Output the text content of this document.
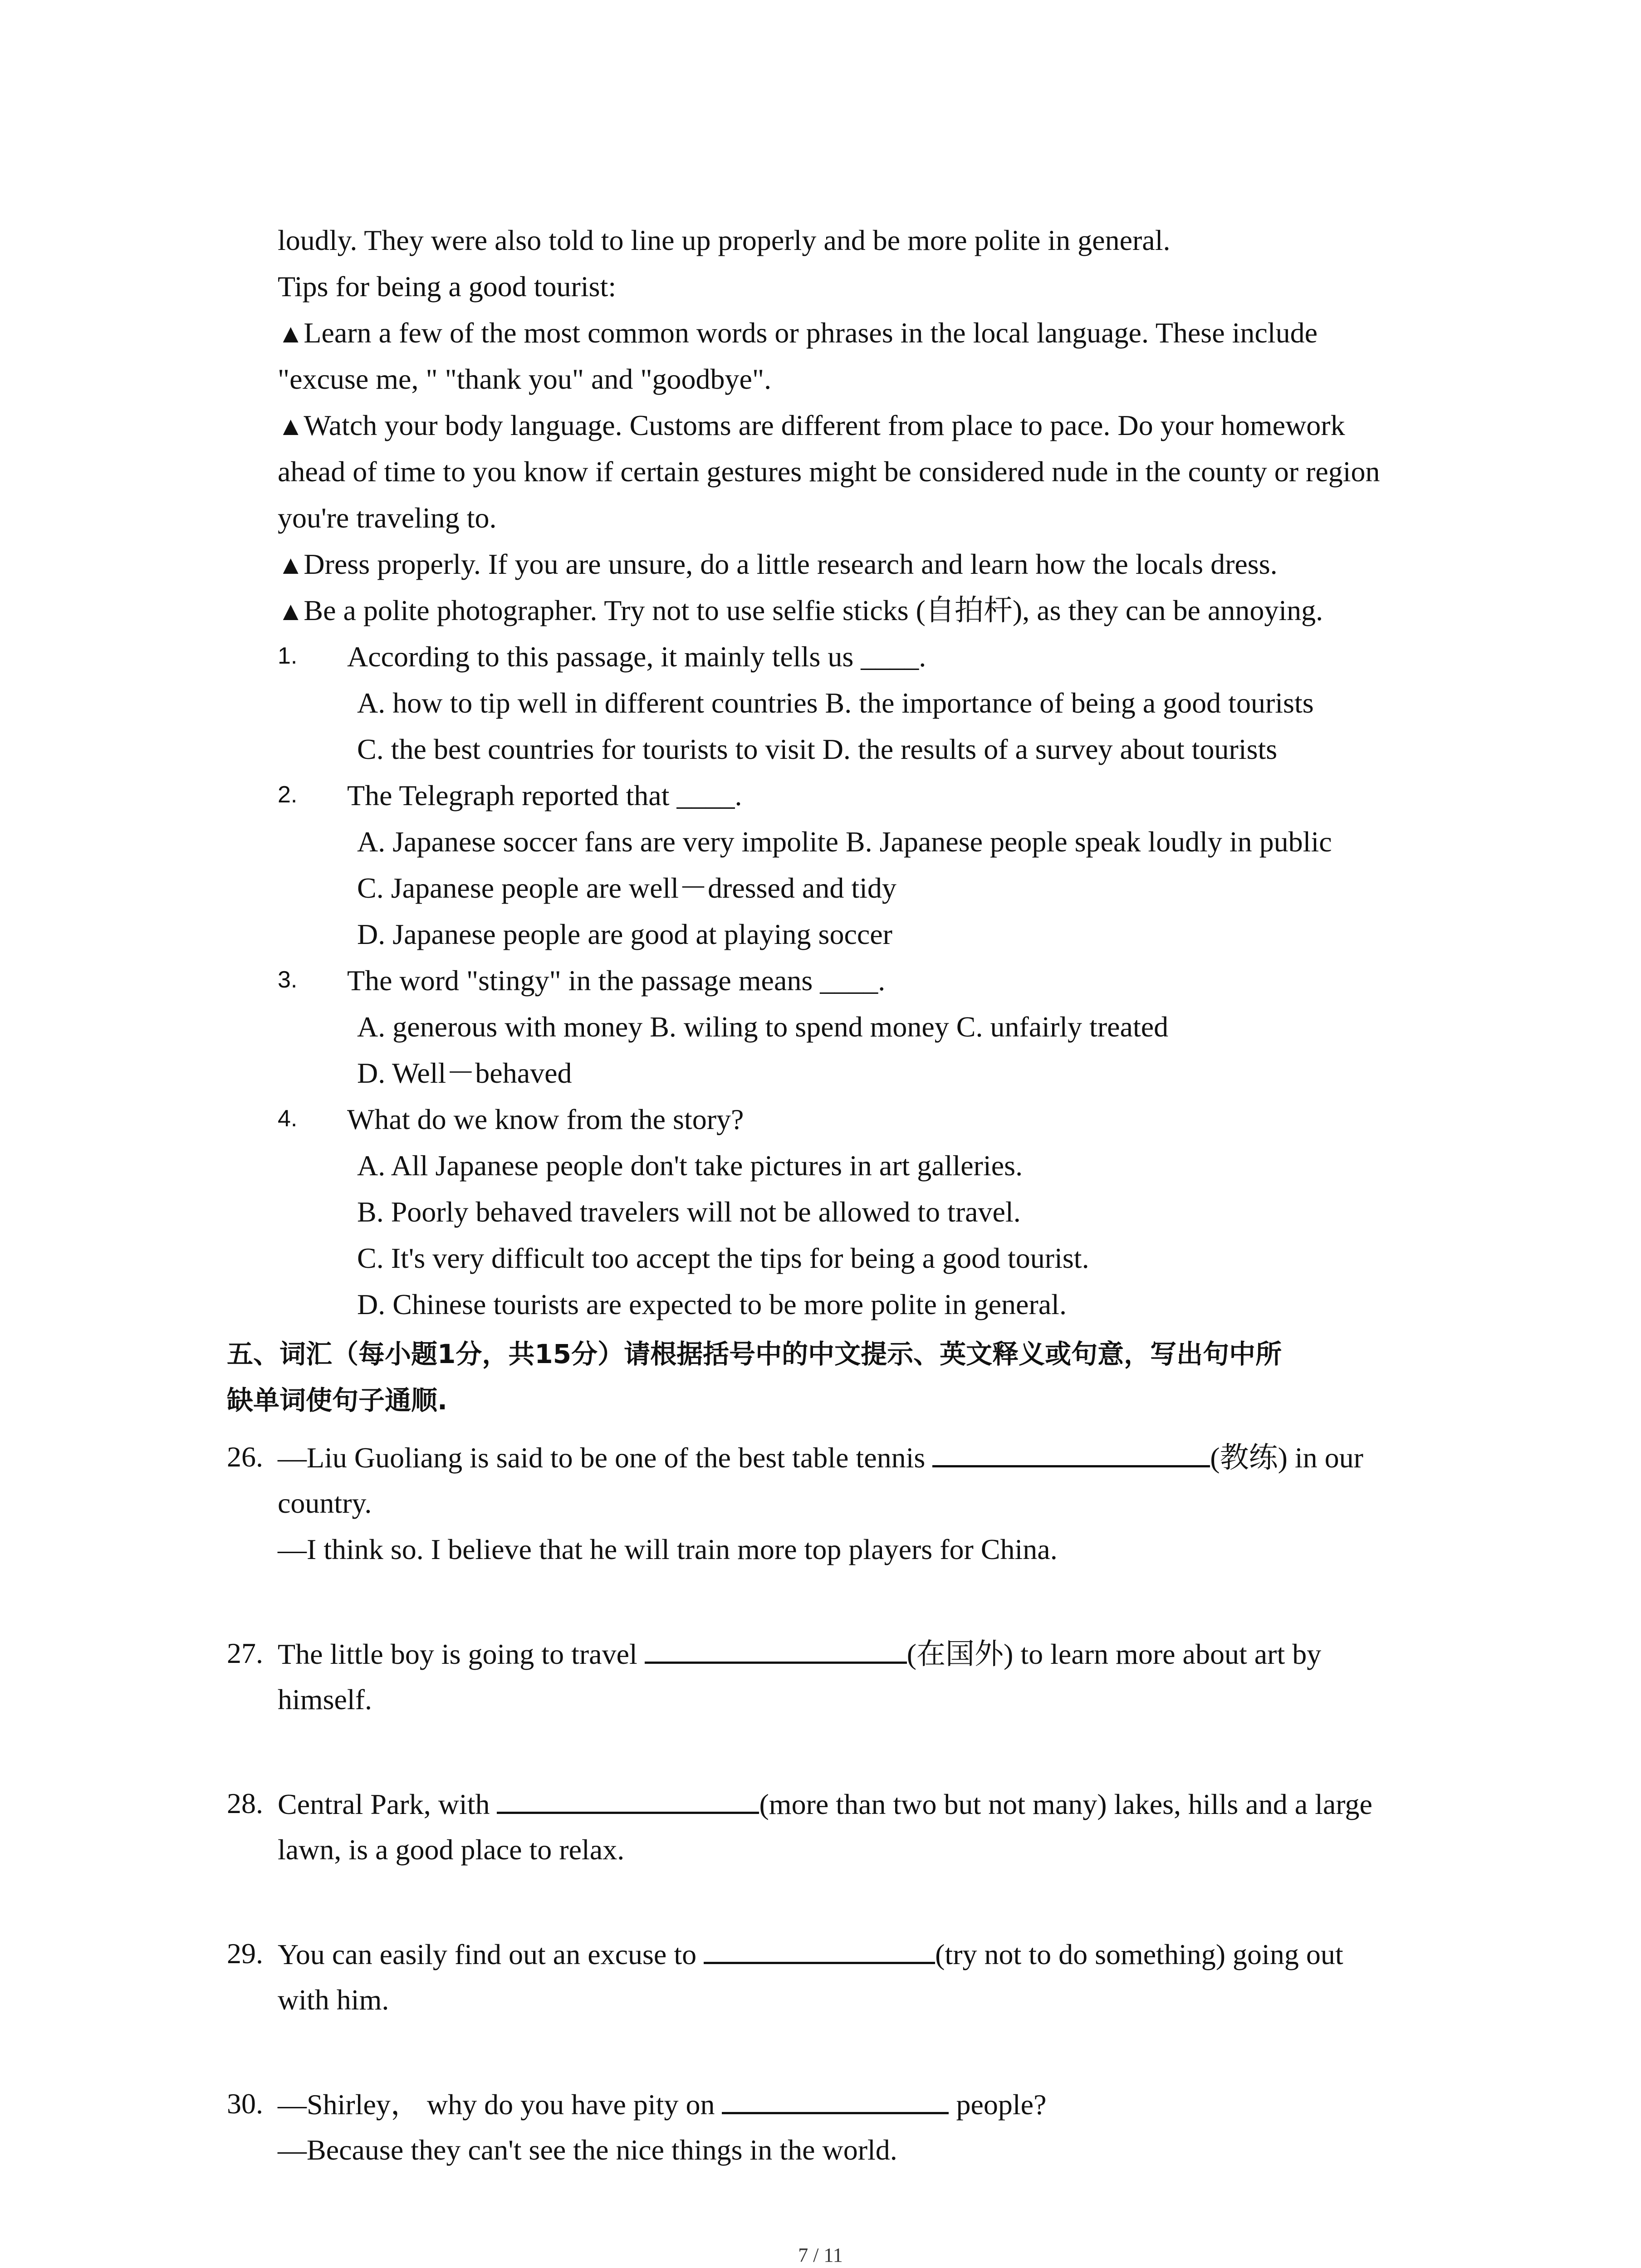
loudly. They were also told to line up properly and be more polite in general.
Tips for being a good tourist:
▲Learn a few of the most common words or phrases in the local language. These include
"excuse me, " "thank you" and "goodbye".
▲Watch your body language. Customs are different from place to pace. Do your homework
ahead of time to you know if certain gestures might be considered nude in the county or region
you're traveling to.
▲Dress properly. If you are unsure, do a little research and learn how the locals dress.
▲Be a polite photographer. Try not to use selfie sticks (自拍杆), as they can be annoying.
1. According to this passage, it mainly tells us ____.
A. how to tip well in different countries B. the importance of being a good tourists
C. the best countries for tourists to visit D. the results of a survey about tourists
2. The Telegraph reported that ____.
A. Japanese soccer fans are very impolite B. Japanese people speak loudly in public
C. Japanese people are well－dressed and tidy
D. Japanese people are good at playing soccer
3. The word "stingy" in the passage means ____.
A. generous with money B. wiling to spend money C. unfairly treated
D. Well－behaved
4. What do we know from the story?
A. All Japanese people don't take pictures in art galleries.
B. Poorly behaved travelers will not be allowed to travel.
C. It's very difficult too accept the tips for being a good tourist.
D. Chinese tourists are expected to be more polite in general.
五、词汇（每小题1分，共15分）请根据括号中的中文提示、英文释义或句意，写出句中所
缺单词使句子通顺.
26. —Liu Guoliang is said to be one of the best table tennis	(教练) in our
country.
—I think so. I believe that he will train more top players for China.
27. The little boy is going to travel	(在国外) to learn more about art by
himself.
28. Central Park, with	(more than two but not many) lakes, hills and a large
lawn, is a good place to relax.
29. You can easily find out an excuse to	(try not to do something) going out
with him.
30. —Shirley， why do you have pity on	people?
—Because they can't see the nice things in the world.
7 / 11
